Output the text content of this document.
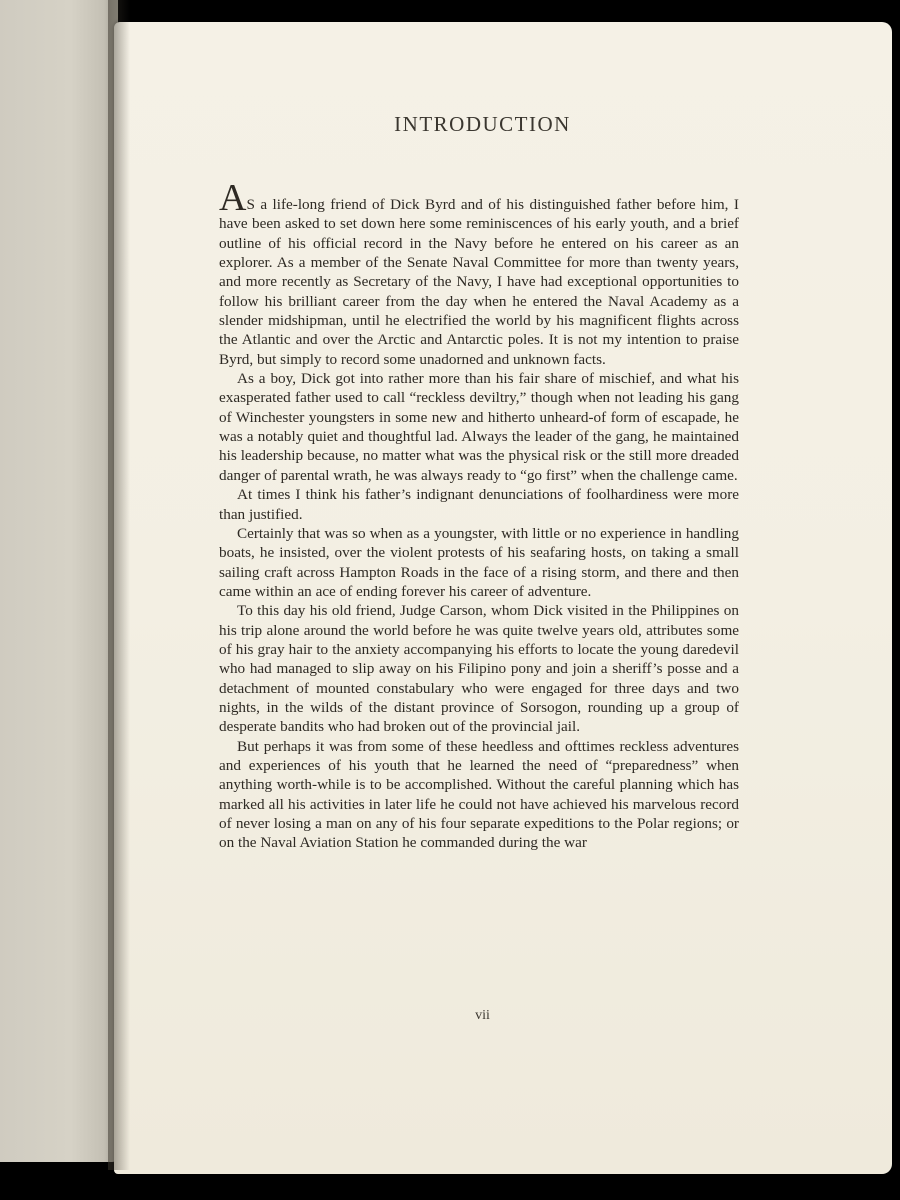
INTRODUCTION

AS a life-long friend of Dick Byrd and of his distinguished father before him, I have been asked to set down here some reminiscences of his early youth, and a brief outline of his official record in the Navy before he entered on his career as an explorer. As a member of the Senate Naval Committee for more than twenty years, and more recently as Secretary of the Navy, I have had exceptional opportunities to follow his brilliant career from the day when he entered the Naval Academy as a slender midshipman, until he electrified the world by his magnificent flights across the Atlantic and over the Arctic and Antarctic poles. It is not my intention to praise Byrd, but simply to record some unadorned and unknown facts.

As a boy, Dick got into rather more than his fair share of mischief, and what his exasperated father used to call “reckless deviltry,” though when not leading his gang of Winchester youngsters in some new and hitherto unheard-of form of escapade, he was a notably quiet and thoughtful lad. Always the leader of the gang, he maintained his leadership because, no matter what was the physical risk or the still more dreaded danger of parental wrath, he was always ready to “go first” when the challenge came.

At times I think his father’s indignant denunciations of foolhardiness were more than justified.

Certainly that was so when as a youngster, with little or no experience in handling boats, he insisted, over the violent protests of his seafaring hosts, on taking a small sailing craft across Hampton Roads in the face of a rising storm, and there and then came within an ace of ending forever his career of adventure.

To this day his old friend, Judge Carson, whom Dick visited in the Philippines on his trip alone around the world before he was quite twelve years old, attributes some of his gray hair to the anxiety accompanying his efforts to locate the young daredevil who had managed to slip away on his Filipino pony and join a sheriff’s posse and a detachment of mounted constabulary who were engaged for three days and two nights, in the wilds of the distant province of Sorsogon, rounding up a group of desperate bandits who had broken out of the provincial jail.

But perhaps it was from some of these heedless and ofttimes reckless adventures and experiences of his youth that he learned the need of “preparedness” when anything worth-while is to be accomplished. Without the careful planning which has marked all his activities in later life he could not have achieved his marvelous record of never losing a man on any of his four separate expeditions to the Polar regions; or on the Naval Aviation Station he commanded during the war

vii
